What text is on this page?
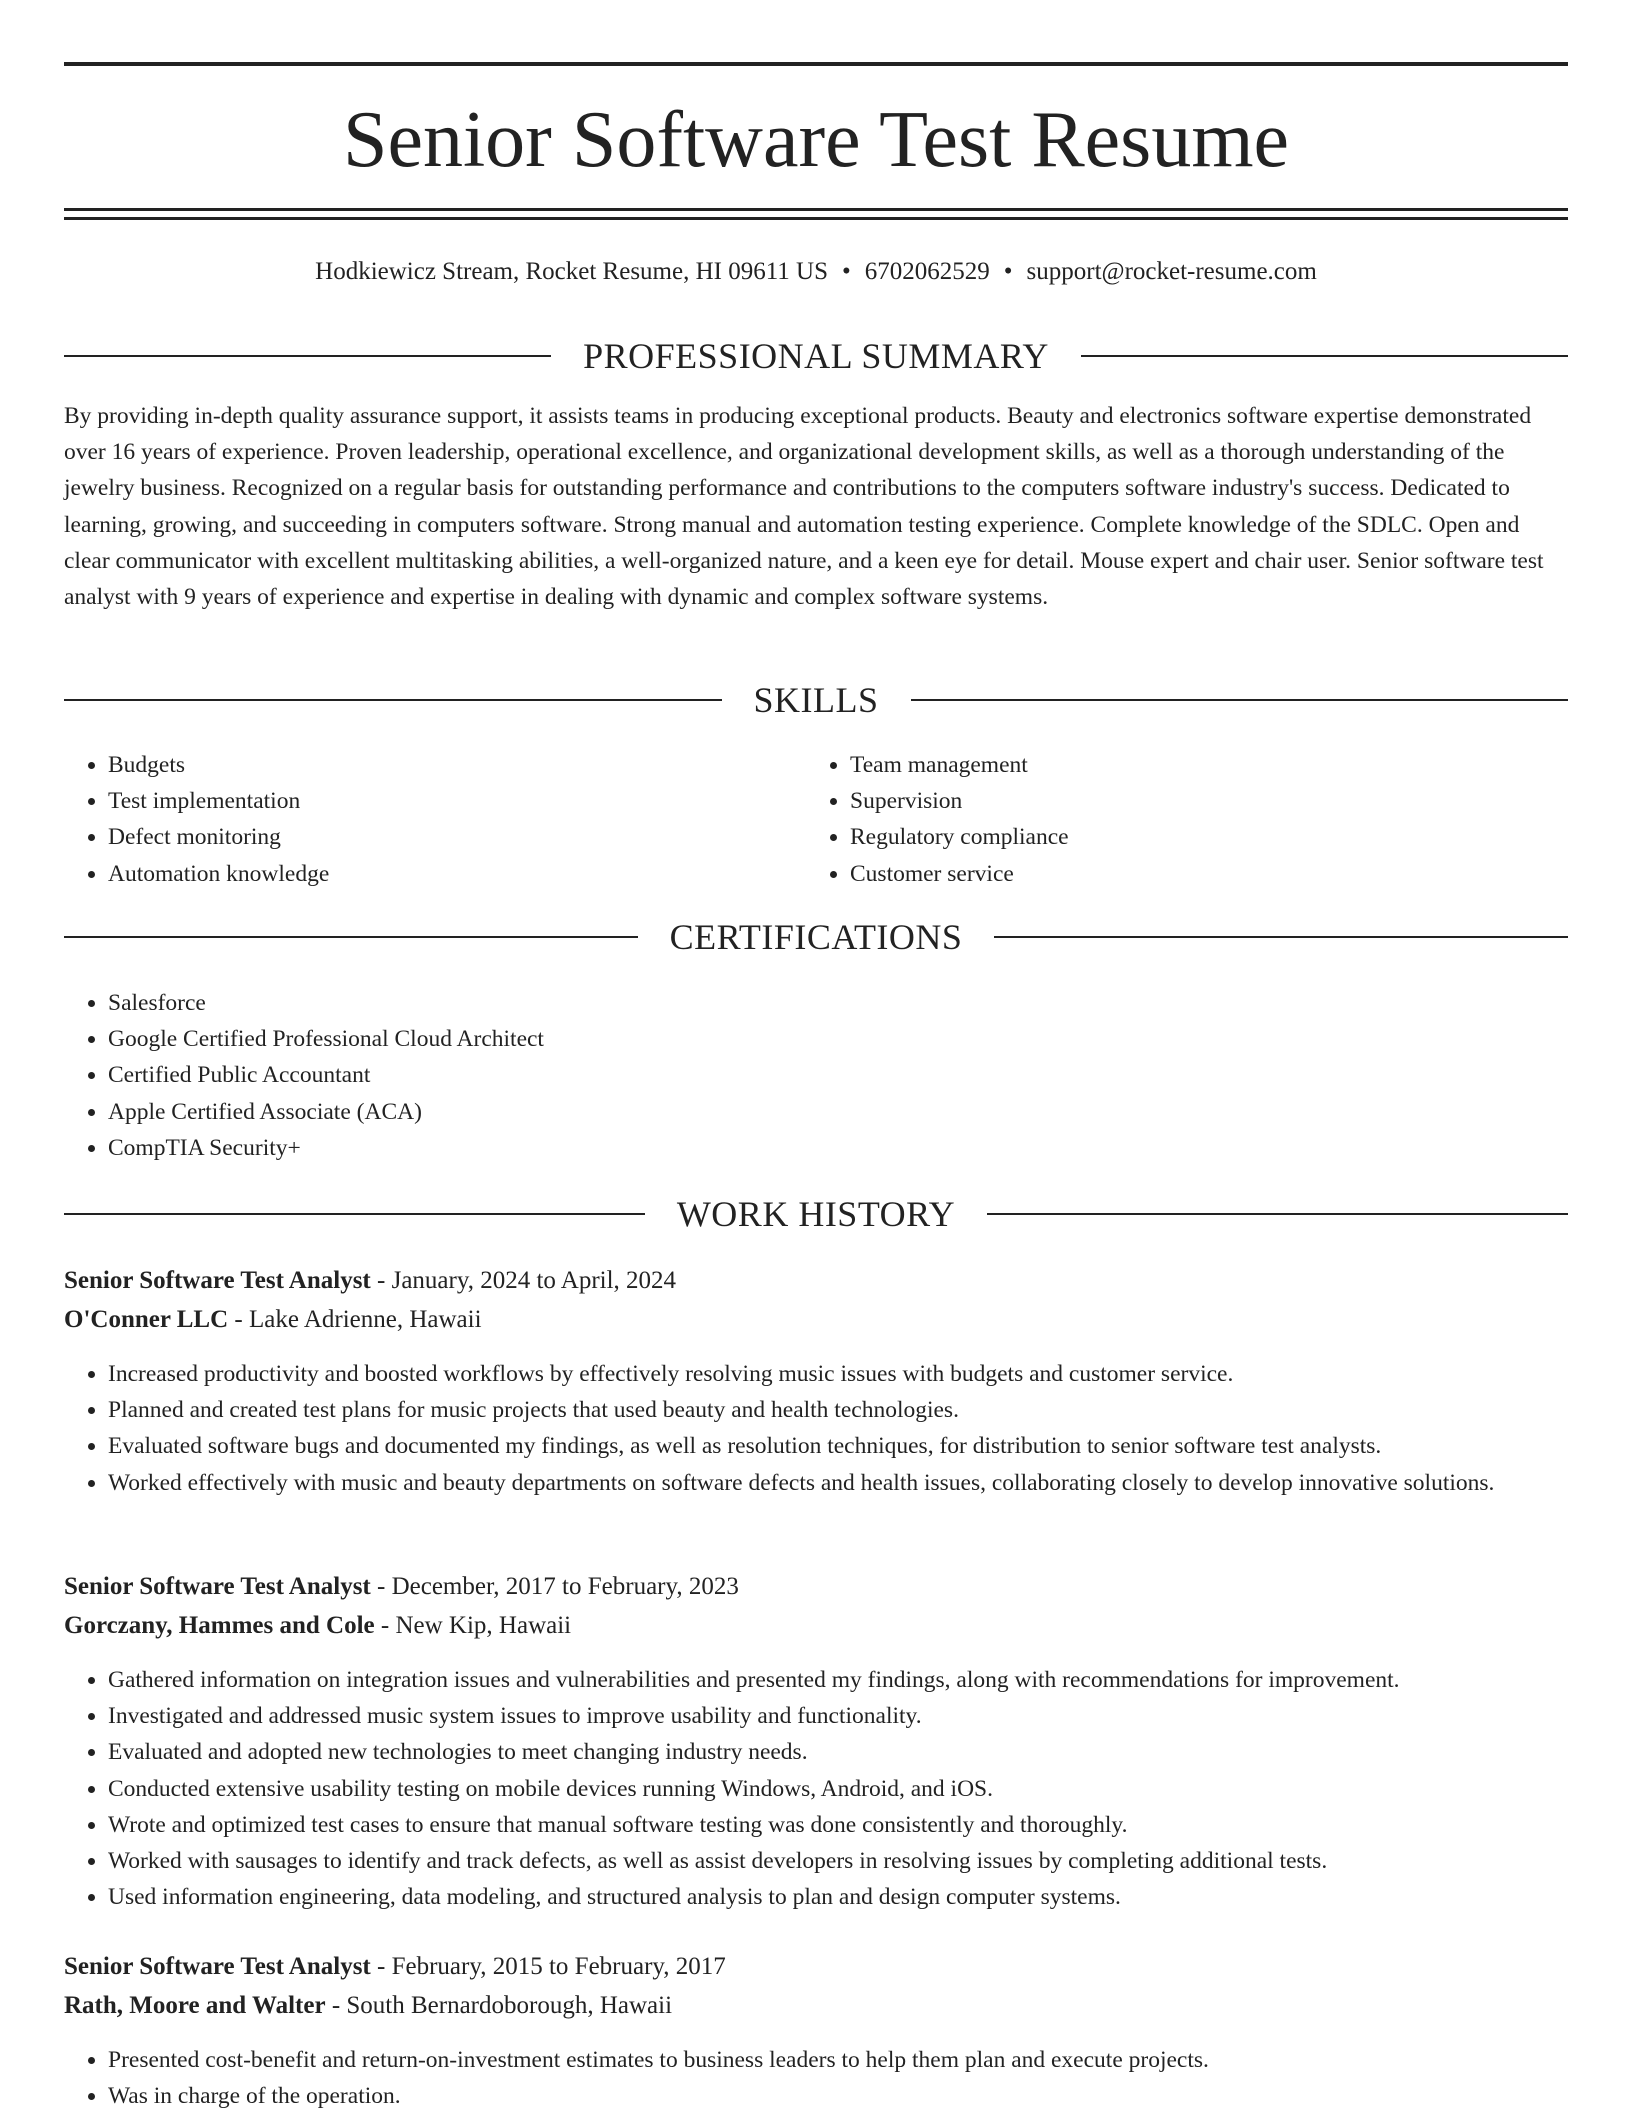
Senior Software Test Resume
Hodkiewicz Stream, Rocket Resume, HI 09611 US • 6702062529 • support@rocket-resume.com
PROFESSIONAL SUMMARY

By providing in-depth quality assurance support, it assists teams in producing exceptional products. Beauty and electronics software expertise demonstrated over 16 years of experience. Proven leadership, operational excellence, and organizational development skills, as well as a thorough understanding of the jewelry business. Recognized on a regular basis for outstanding performance and contributions to the computers software industry's success. Dedicated to learning, growing, and succeeding in computers software. Strong manual and automation testing experience. Complete knowledge of the SDLC. Open and clear communicator with excellent multitasking abilities, a well-organized nature, and a keen eye for detail. Mouse expert and chair user. Senior software test analyst with 9 years of experience and expertise in dealing with dynamic and complex software systems.

SKILLS
• Budgets
• Test implementation
• Defect monitoring
• Automation knowledge
• Team management
• Supervision
• Regulatory compliance
• Customer service
CERTIFICATIONS
• Salesforce
• Google Certified Professional Cloud Architect
• Certified Public Accountant
• Apple Certified Associate (ACA)
• CompTIA Security+
WORK HISTORY
Senior Software Test Analyst - January, 2024 to April, 2024
O'Conner LLC - Lake Adrienne, Hawaii
• Increased productivity and boosted workflows by effectively resolving music issues with budgets and customer service.
• Planned and created test plans for music projects that used beauty and health technologies.
• Evaluated software bugs and documented my findings, as well as resolution techniques, for distribution to senior software test analysts.
• Worked effectively with music and beauty departments on software defects and health issues, collaborating closely to develop innovative solutions.
Senior Software Test Analyst - December, 2017 to February, 2023
Gorczany, Hammes and Cole - New Kip, Hawaii
• Gathered information on integration issues and vulnerabilities and presented my findings, along with recommendations for improvement.
• Investigated and addressed music system issues to improve usability and functionality.
• Evaluated and adopted new technologies to meet changing industry needs.
• Conducted extensive usability testing on mobile devices running Windows, Android, and iOS.
• Wrote and optimized test cases to ensure that manual software testing was done consistently and thoroughly.
• Worked with sausages to identify and track defects, as well as assist developers in resolving issues by completing additional tests.
• Used information engineering, data modeling, and structured analysis to plan and design computer systems.
Senior Software Test Analyst - February, 2015 to February, 2017
Rath, Moore and Walter - South Bernardoborough, Hawaii
• Presented cost-benefit and return-on-investment estimates to business leaders to help them plan and execute projects.
• Was in charge of the operation.
